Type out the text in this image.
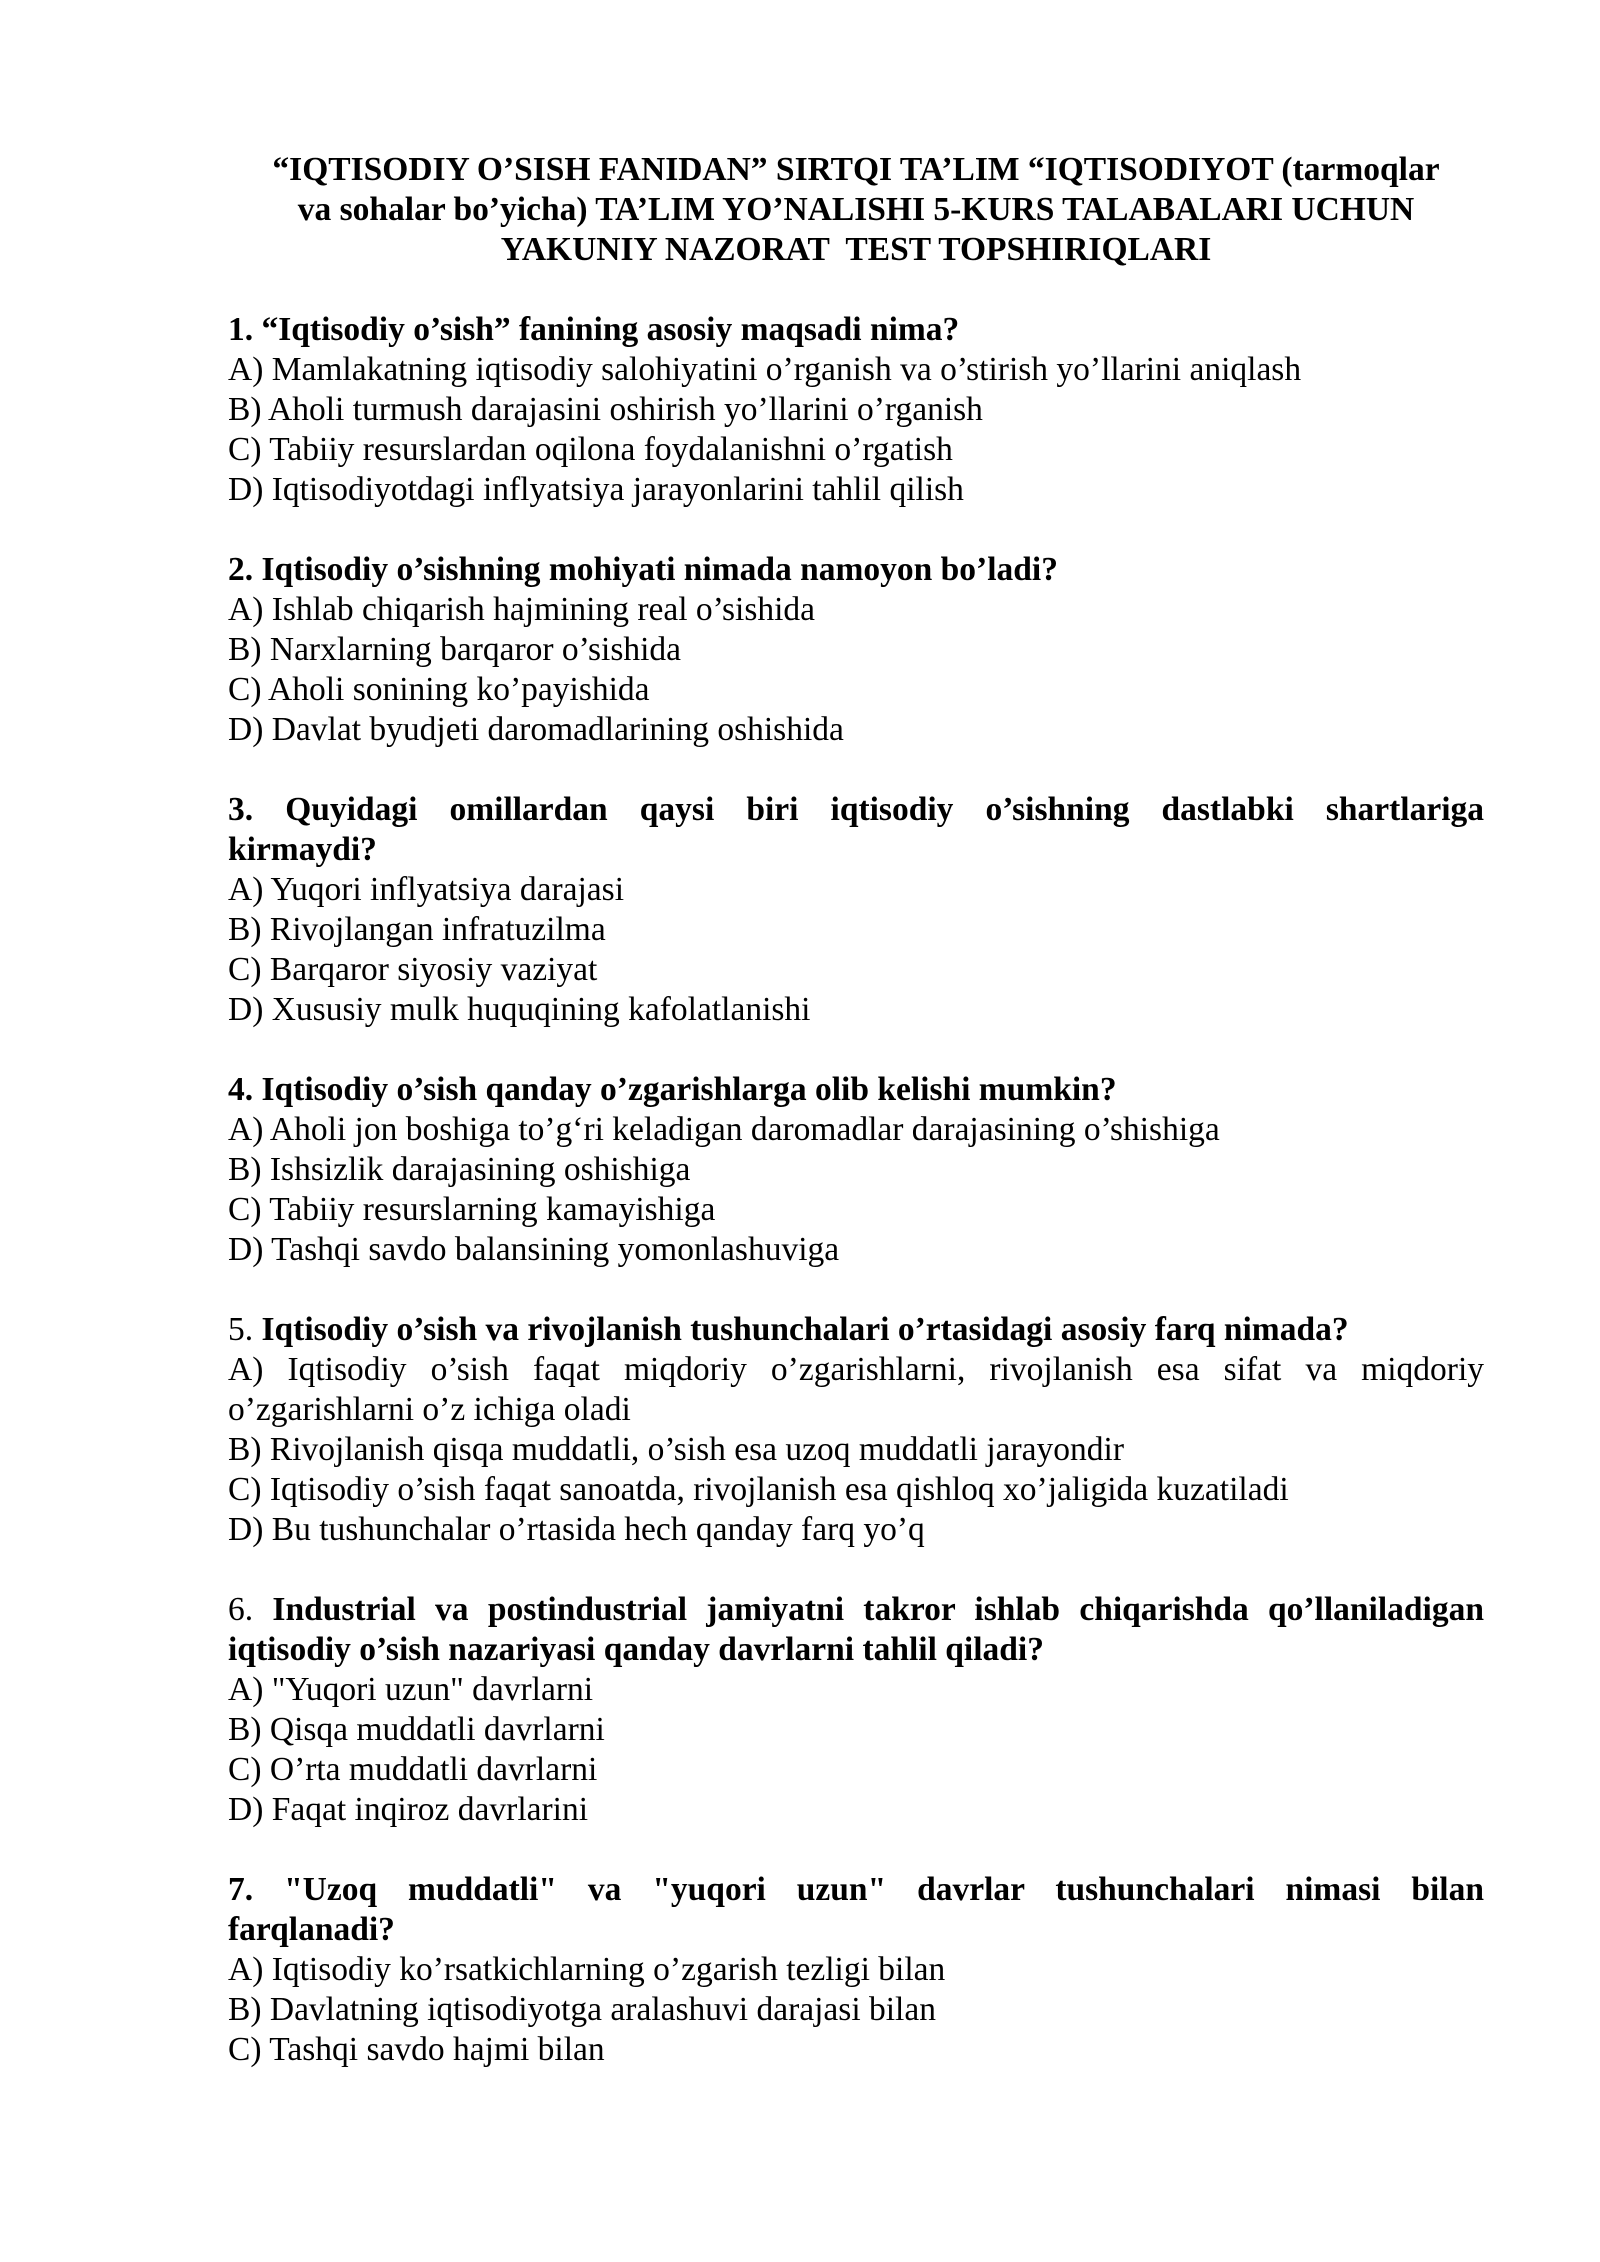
“IQTISODIY O’SISH FANIDAN” SIRTQI TA’LIM “IQTISODIYOT (tarmoqlar
va sohalar bo’yicha) TA’LIM YO’NALISHI 5-KURS TALABALARI UCHUN
YAKUNIY NAZORAT  TEST TOPSHIRIQLARI
1. “Iqtisodiy o’sish” fanining asosiy maqsadi nima?
A) Mamlakatning iqtisodiy salohiyatini o’rganish va o’stirish yo’llarini aniqlash
B) Aholi turmush darajasini oshirish yo’llarini o’rganish
C) Tabiiy resurslardan oqilona foydalanishni o’rgatish
D) Iqtisodiyotdagi inflyatsiya jarayonlarini tahlil qilish
2. Iqtisodiy o’sishning mohiyati nimada namoyon bo’ladi?
A) Ishlab chiqarish hajmining real o’sishida
B) Narxlarning barqaror o’sishida
C) Aholi sonining ko’payishida
D) Davlat byudjeti daromadlarining oshishida
3. Quyidagi omillardan qaysi biri iqtisodiy o’sishning dastlabki shartlariga
kirmaydi?
A) Yuqori inflyatsiya darajasi
B) Rivojlangan infratuzilma
C) Barqaror siyosiy vaziyat
D) Xususiy mulk huquqining kafolatlanishi
4. Iqtisodiy o’sish qanday o’zgarishlarga olib kelishi mumkin?
A) Aholi jon boshiga to’g‘ri keladigan daromadlar darajasining o’shishiga
B) Ishsizlik darajasining oshishiga
C) Tabiiy resurslarning kamayishiga
D) Tashqi savdo balansining yomonlashuviga
5. Iqtisodiy o’sish va rivojlanish tushunchalari o’rtasidagi asosiy farq nimada?
A) Iqtisodiy o’sish faqat miqdoriy o’zgarishlarni, rivojlanish esa sifat va miqdoriy
o’zgarishlarni o’z ichiga oladi
B) Rivojlanish qisqa muddatli, o’sish esa uzoq muddatli jarayondir
C) Iqtisodiy o’sish faqat sanoatda, rivojlanish esa qishloq xo’jaligida kuzatiladi
D) Bu tushunchalar o’rtasida hech qanday farq yo’q
6. Industrial va postindustrial jamiyatni takror ishlab chiqarishda qo’llaniladigan
iqtisodiy o’sish nazariyasi qanday davrlarni tahlil qiladi?
A) "Yuqori uzun" davrlarni
B) Qisqa muddatli davrlarni
C) O’rta muddatli davrlarni
D) Faqat inqiroz davrlarini
7. "Uzoq muddatli" va "yuqori uzun" davrlar tushunchalari nimasi bilan
farqlanadi?
A) Iqtisodiy ko’rsatkichlarning o’zgarish tezligi bilan
B) Davlatning iqtisodiyotga aralashuvi darajasi bilan
C) Tashqi savdo hajmi bilan
